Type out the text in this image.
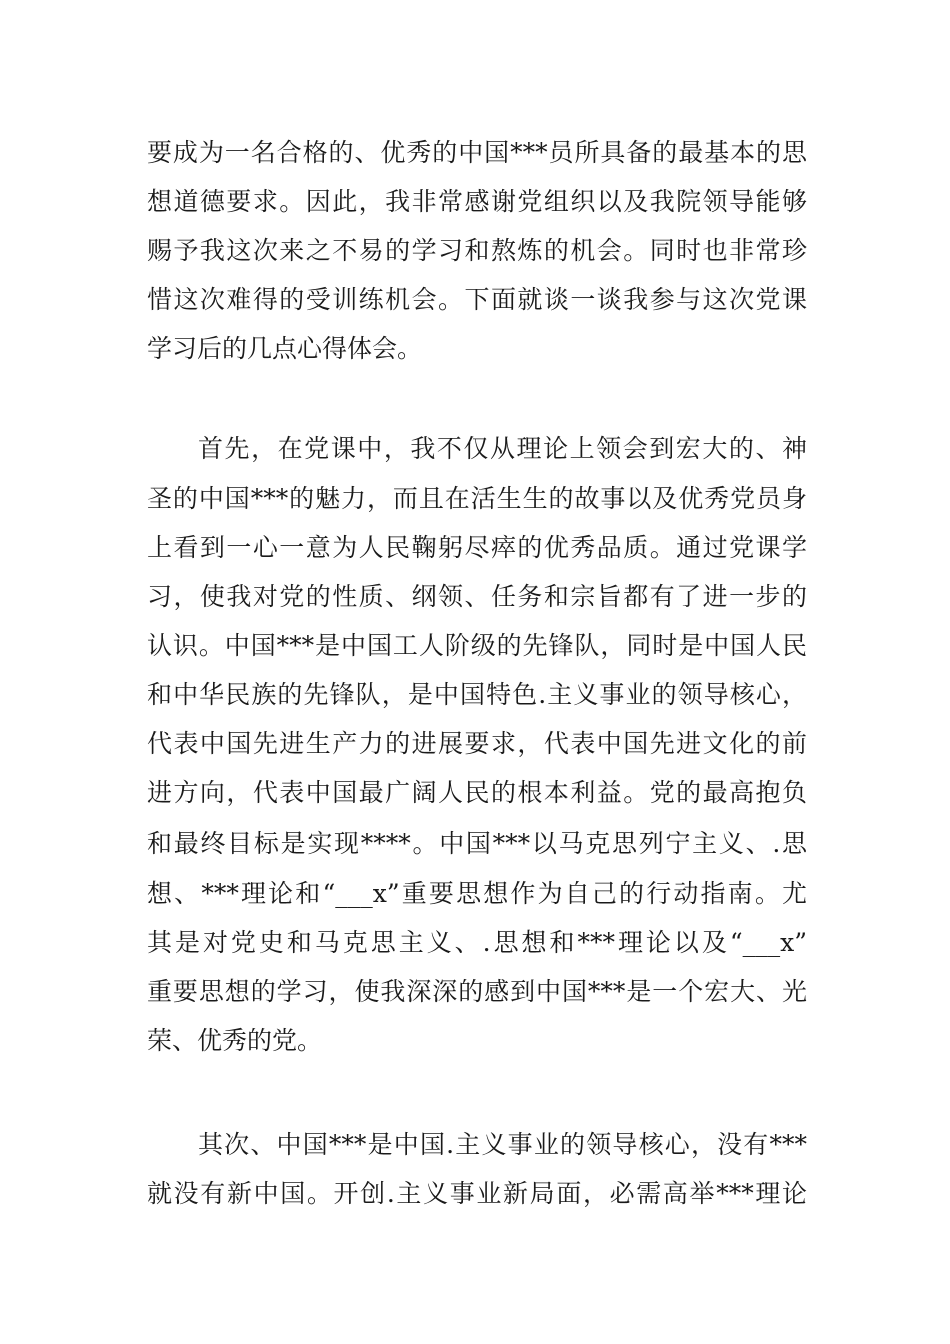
要成为一名合格的、优秀的中国***员所具备的最基本的思
想道德要求。因此，我非常感谢党组织以及我院领导能够
赐予我这次来之不易的学习和熬炼的机会。同时也非常珍
惜这次难得的受训练机会。下面就谈一谈我参与这次党课
学习后的几点心得体会。
首先，在党课中，我不仅从理论上领会到宏大的、神
圣的中国***的魅力，而且在活生生的故事以及优秀党员身
上看到一心一意为人民鞠躬尽瘁的优秀品质。通过党课学
习，使我对党的性质、纲领、任务和宗旨都有了进一步的
认识。中国***是中国工人阶级的先锋队，同时是中国人民
和中华民族的先锋队，是中国特色.主义事业的领导核心，
代表中国先进生产力的进展要求，代表中国先进文化的前
进方向，代表中国最广阔人民的根本利益。党的最高抱负
和最终目标是实现****。中国***以马克思列宁主义、.思
想、***理论和“___x”重要思想作为自己的行动指南。尤
其是对党史和马克思主义、.思想和***理论以及“___x”
重要思想的学习，使我深深的感到中国***是一个宏大、光
荣、优秀的党。
其次、中国***是中国.主义事业的领导核心，没有***
就没有新中国。开创.主义事业新局面，必需高举***理论
